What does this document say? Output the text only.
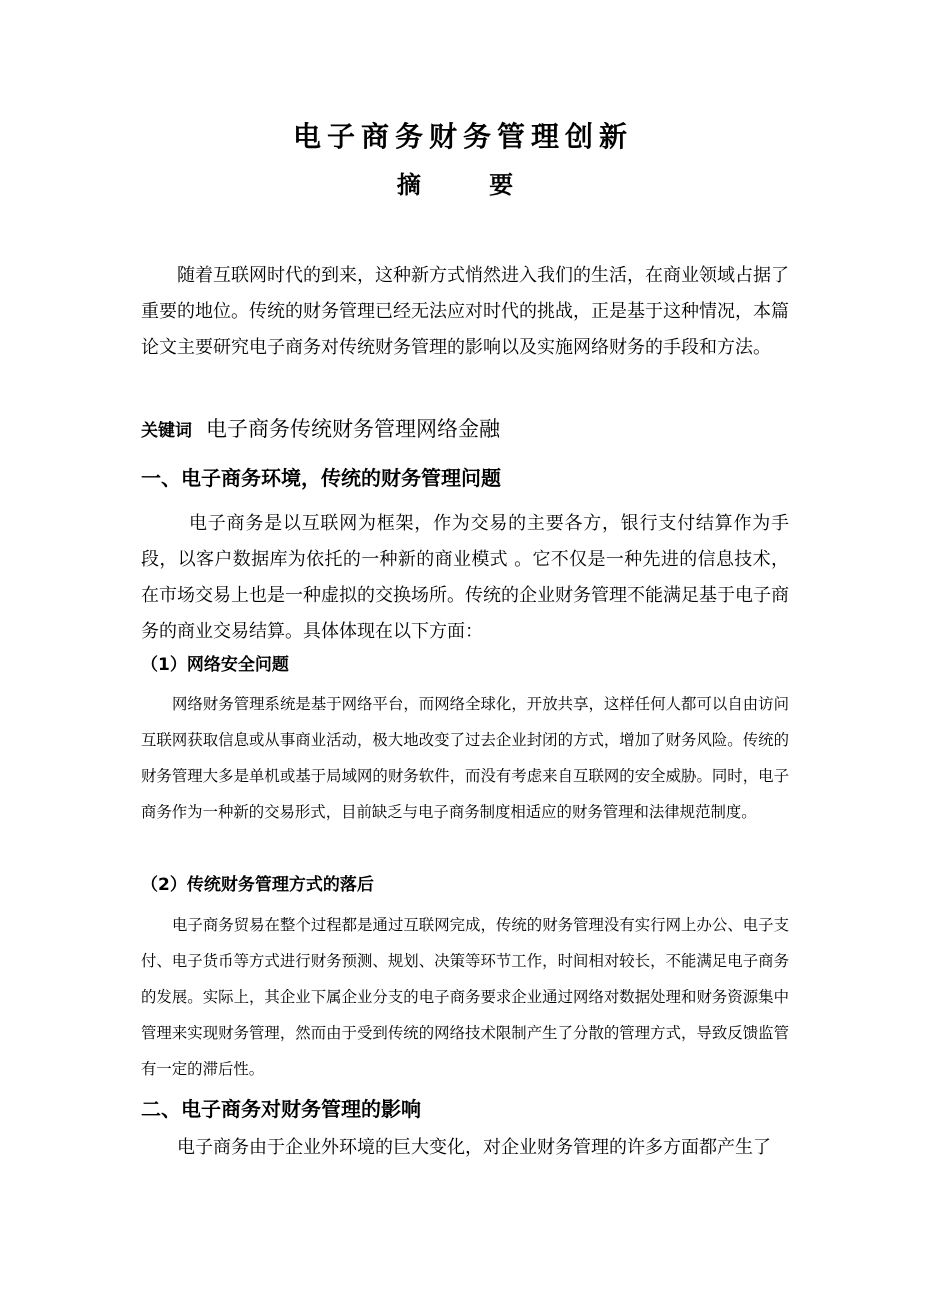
电子商务财务管理创新
摘 要

随着互联网时代的到来，这种新方式悄然进入我们的生活，在商业领域占据了重要的地位。传统的财务管理已经无法应对时代的挑战，正是基于这种情况，本篇论文主要研究电子商务对传统财务管理的影响以及实施网络财务的手段和方法。

关键词 电子商务传统财务管理网络金融
一、电子商务环境，传统的财务管理问题

电子商务是以互联网为框架，作为交易的主要各方，银行支付结算作为手段，以客户数据库为依托的一种新的商业模式 。它不仅是一种先进的信息技术，在市场交易上也是一种虚拟的交换场所。传统的企业财务管理不能满足基于电子商务的商业交易结算。具体体现在以下方面：

（1）网络安全问题

网络财务管理系统是基于网络平台，而网络全球化，开放共享，这样任何人都可以自由访问互联网获取信息或从事商业活动，极大地改变了过去企业封闭的方式，增加了财务风险。传统的财务管理大多是单机或基于局域网的财务软件，而没有考虑来自互联网的安全威胁。同时，电子商务作为一种新的交易形式，目前缺乏与电子商务制度相适应的财务管理和法律规范制度。

（2）传统财务管理方式的落后

电子商务贸易在整个过程都是通过互联网完成，传统的财务管理没有实行网上办公、电子支付、电子货币等方式进行财务预测、规划、决策等环节工作，时间相对较长，不能满足电子商务的发展。实际上，其企业下属企业分支的电子商务要求企业通过网络对数据处理和财务资源集中管理来实现财务管理，然而由于受到传统的网络技术限制产生了分散的管理方式，导致反馈监管有一定的滞后性。

二、电子商务对财务管理的影响

电子商务由于企业外环境的巨大变化，对企业财务管理的许多方面都产生了
